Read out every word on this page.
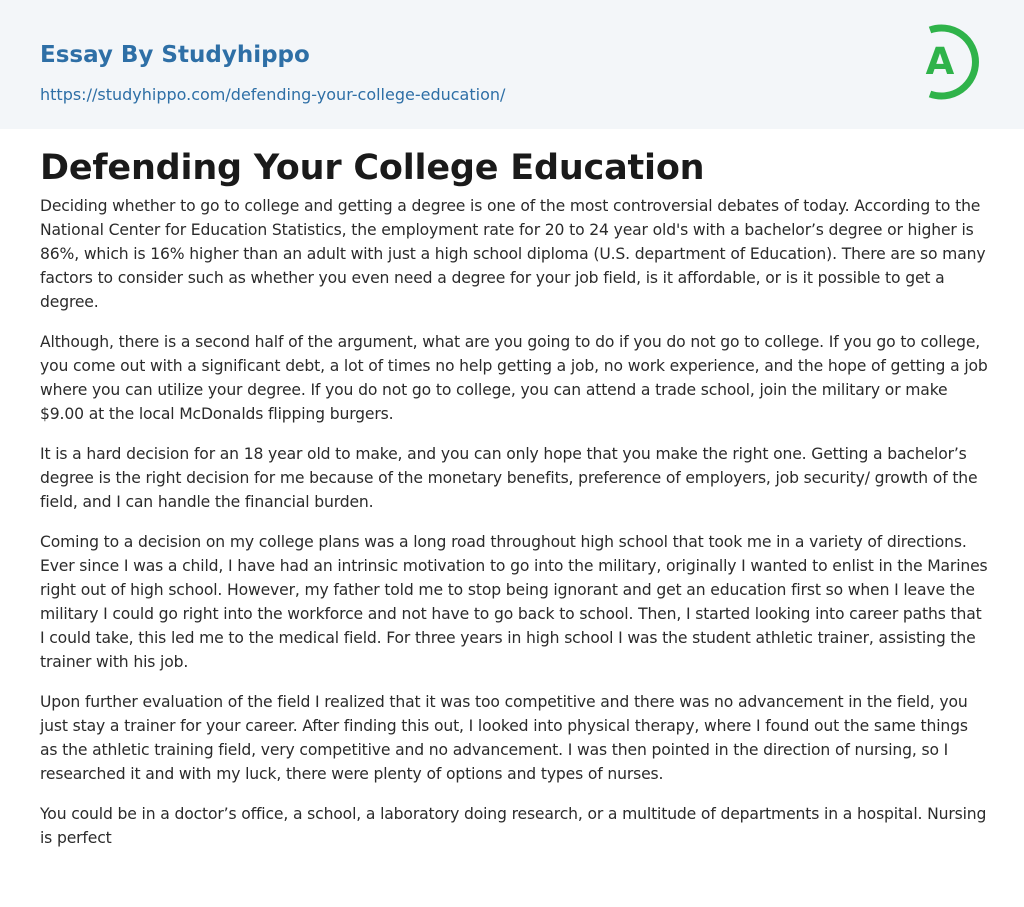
Essay By Studyhippo
https://studyhippo.com/defending-your-college-education/
A
Defending Your College Education

Deciding whether to go to college and getting a degree is one of the most controversial debates of today. According to the National Center for Education Statistics, the employment rate for 20 to 24 year old's with a bachelor’s degree or higher is 86%, which is 16% higher than an adult with just a high school diploma (U.S. department of Education). There are so many factors to consider such as whether you even need a degree for your job field, is it affordable, or is it possible to get a degree.

Although, there is a second half of the argument, what are you going to do if you do not go to college. If you go to college, you come out with a significant debt, a lot of times no help getting a job, no work experience, and the hope of getting a job where you can utilize your degree. If you do not go to college, you can attend a trade school, join the military or make $9.00 at the local McDonalds flipping burgers.

It is a hard decision for an 18 year old to make, and you can only hope that you make the right one. Getting a bachelor’s degree is the right decision for me because of the monetary benefits, preference of employers, job security/ growth of the field, and I can handle the financial burden.

Coming to a decision on my college plans was a long road throughout high school that took me in a variety of directions. Ever since I was a child, I have had an intrinsic motivation to go into the military, originally I wanted to enlist in the Marines right out of high school. However, my father told me to stop being ignorant and get an education first so when I leave the military I could go right into the workforce and not have to go back to school. Then, I started looking into career paths that I could take, this led me to the medical field. For three years in high school I was the student athletic trainer, assisting the trainer with his job.

Upon further evaluation of the field I realized that it was too competitive and there was no advancement in the field, you just stay a trainer for your career. After finding this out, I looked into physical therapy, where I found out the same things as the athletic training field, very competitive and no advancement. I was then pointed in the direction of nursing, so I researched it and with my luck, there were plenty of options and types of nurses.

You could be in a doctor’s office, a school, a laboratory doing research, or a multitude of departments in a hospital. Nursing is perfect
